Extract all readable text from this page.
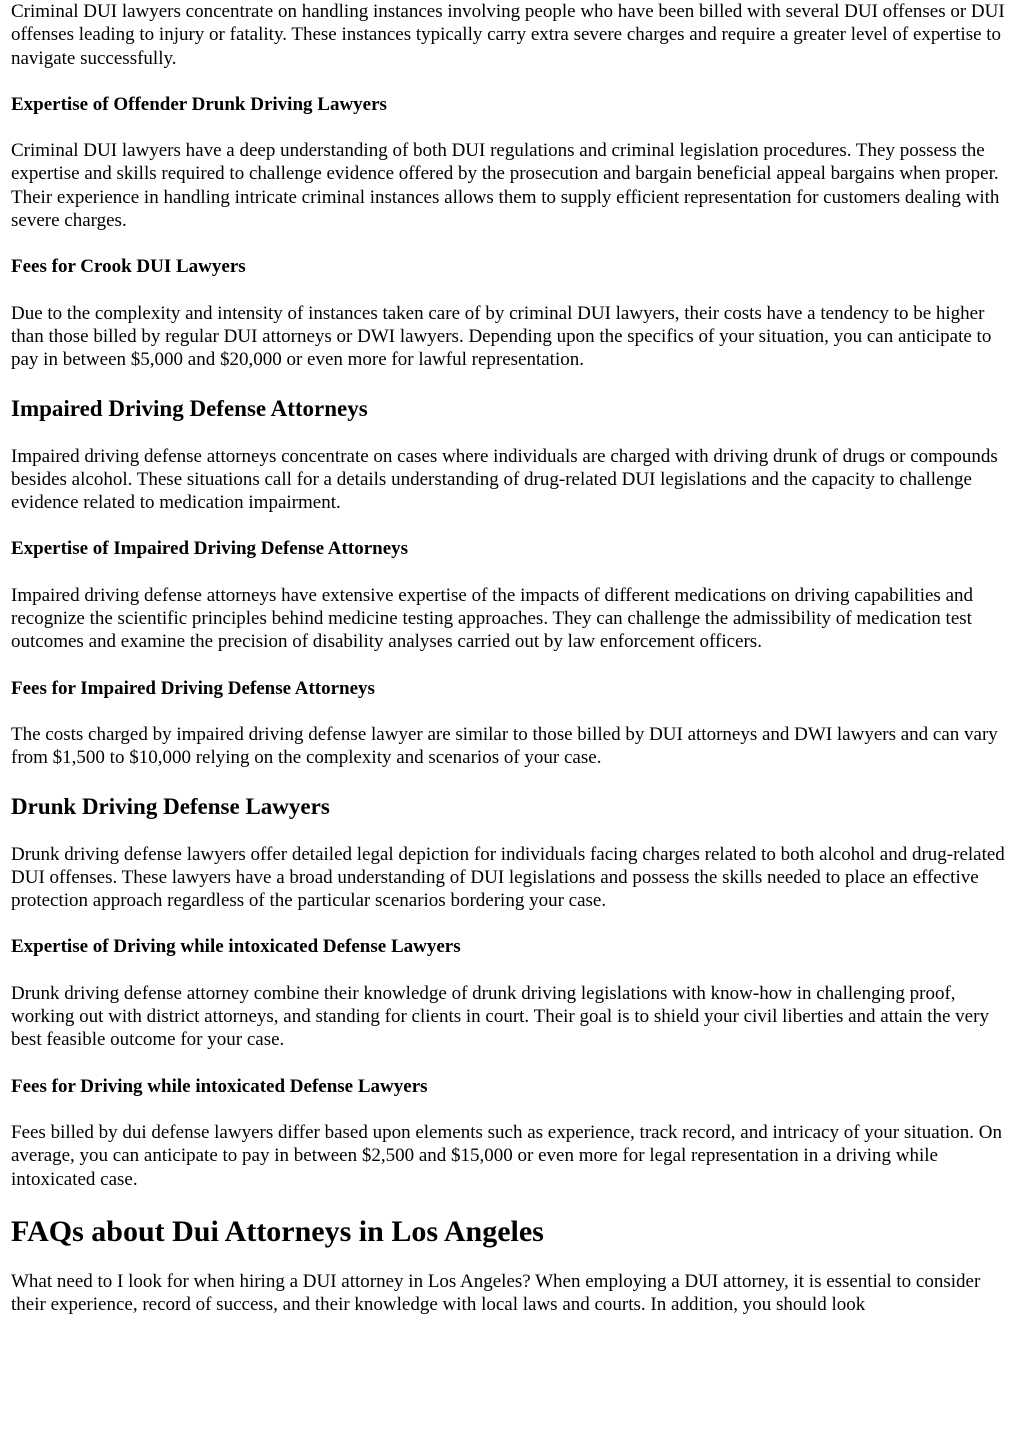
Criminal DUI lawyers concentrate on handling instances involving people who have been billed with several DUI offenses or DUI offenses leading to injury or fatality. These instances typically carry extra severe charges and require a greater level of expertise to navigate successfully.

Expertise of Offender Drunk Driving Lawyers

Criminal DUI lawyers have a deep understanding of both DUI regulations and criminal legislation procedures. They possess the expertise and skills required to challenge evidence offered by the prosecution and bargain beneficial appeal bargains when proper. Their experience in handling intricate criminal instances allows them to supply efficient representation for customers dealing with severe charges.

Fees for Crook DUI Lawyers

Due to the complexity and intensity of instances taken care of by criminal DUI lawyers, their costs have a tendency to be higher than those billed by regular DUI attorneys or DWI lawyers. Depending upon the specifics of your situation, you can anticipate to pay in between $5,000 and $20,000 or even more for lawful representation.

Impaired Driving Defense Attorneys

Impaired driving defense attorneys concentrate on cases where individuals are charged with driving drunk of drugs or compounds besides alcohol. These situations call for a details understanding of drug-related DUI legislations and the capacity to challenge evidence related to medication impairment.

Expertise of Impaired Driving Defense Attorneys

Impaired driving defense attorneys have extensive expertise of the impacts of different medications on driving capabilities and recognize the scientific principles behind medicine testing approaches. They can challenge the admissibility of medication test outcomes and examine the precision of disability analyses carried out by law enforcement officers.

Fees for Impaired Driving Defense Attorneys

The costs charged by impaired driving defense lawyer are similar to those billed by DUI attorneys and DWI lawyers and can vary from $1,500 to $10,000 relying on the complexity and scenarios of your case.

Drunk Driving Defense Lawyers

Drunk driving defense lawyers offer detailed legal depiction for individuals facing charges related to both alcohol and drug-related DUI offenses. These lawyers have a broad understanding of DUI legislations and possess the skills needed to place an effective protection approach regardless of the particular scenarios bordering your case.

Expertise of Driving while intoxicated Defense Lawyers

Drunk driving defense attorney combine their knowledge of drunk driving legislations with know-how in challenging proof, working out with district attorneys, and standing for clients in court. Their goal is to shield your civil liberties and attain the very best feasible outcome for your case.

Fees for Driving while intoxicated Defense Lawyers

Fees billed by dui defense lawyers differ based upon elements such as experience, track record, and intricacy of your situation. On average, you can anticipate to pay in between $2,500 and $15,000 or even more for legal representation in a driving while intoxicated case.

FAQs about Dui Attorneys in Los Angeles

What need to I look for when hiring a DUI attorney in Los Angeles? When employing a DUI attorney, it is essential to consider their experience, record of success, and their knowledge with local laws and courts. In addition, you should look
